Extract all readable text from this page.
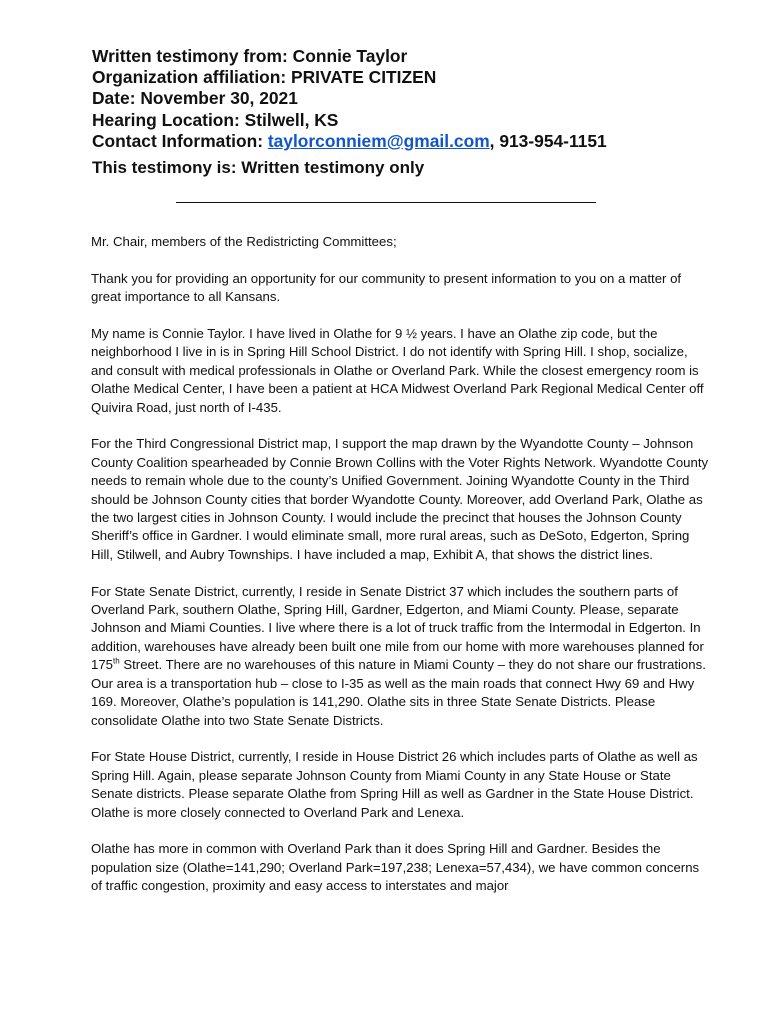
Written testimony from: Connie Taylor
Organization affiliation: PRIVATE CITIZEN
Date: November 30, 2021
Hearing Location: Stilwell, KS
Contact Information: taylorconniem@gmail.com, 913-954-1151
This testimony is: Written testimony only

Mr. Chair, members of the Redistricting Committees;

Thank you for providing an opportunity for our community to present information to you on a matter of great importance to all Kansans.

My name is Connie Taylor. I have lived in Olathe for 9 ½ years. I have an Olathe zip code, but the neighborhood I live in is in Spring Hill School District. I do not identify with Spring Hill. I shop, socialize, and consult with medical professionals in Olathe or Overland Park. While the closest emergency room is Olathe Medical Center, I have been a patient at HCA Midwest Overland Park Regional Medical Center off Quivira Road, just north of I-435.

For the Third Congressional District map, I support the map drawn by the Wyandotte County – Johnson County Coalition spearheaded by Connie Brown Collins with the Voter Rights Network. Wyandotte County needs to remain whole due to the county’s Unified Government. Joining Wyandotte County in the Third should be Johnson County cities that border Wyandotte County. Moreover, add Overland Park, Olathe as the two largest cities in Johnson County. I would include the precinct that houses the Johnson County Sheriff’s office in Gardner. I would eliminate small, more rural areas, such as DeSoto, Edgerton, Spring Hill, Stilwell, and Aubry Townships. I have included a map, Exhibit A, that shows the district lines.

For State Senate District, currently, I reside in Senate District 37 which includes the southern parts of Overland Park, southern Olathe, Spring Hill, Gardner, Edgerton, and Miami County. Please, separate Johnson and Miami Counties. I live where there is a lot of truck traffic from the Intermodal in Edgerton. In addition, warehouses have already been built one mile from our home with more warehouses planned for 175th Street. There are no warehouses of this nature in Miami County – they do not share our frustrations. Our area is a transportation hub – close to I-35 as well as the main roads that connect Hwy 69 and Hwy 169. Moreover, Olathe’s population is 141,290. Olathe sits in three State Senate Districts. Please consolidate Olathe into two State Senate Districts.

For State House District, currently, I reside in House District 26 which includes parts of Olathe as well as Spring Hill. Again, please separate Johnson County from Miami County in any State House or State Senate districts. Please separate Olathe from Spring Hill as well as Gardner in the State House District. Olathe is more closely connected to Overland Park and Lenexa.

Olathe has more in common with Overland Park than it does Spring Hill and Gardner. Besides the population size (Olathe=141,290; Overland Park=197,238; Lenexa=57,434), we have common concerns of traffic congestion, proximity and easy access to interstates and major
